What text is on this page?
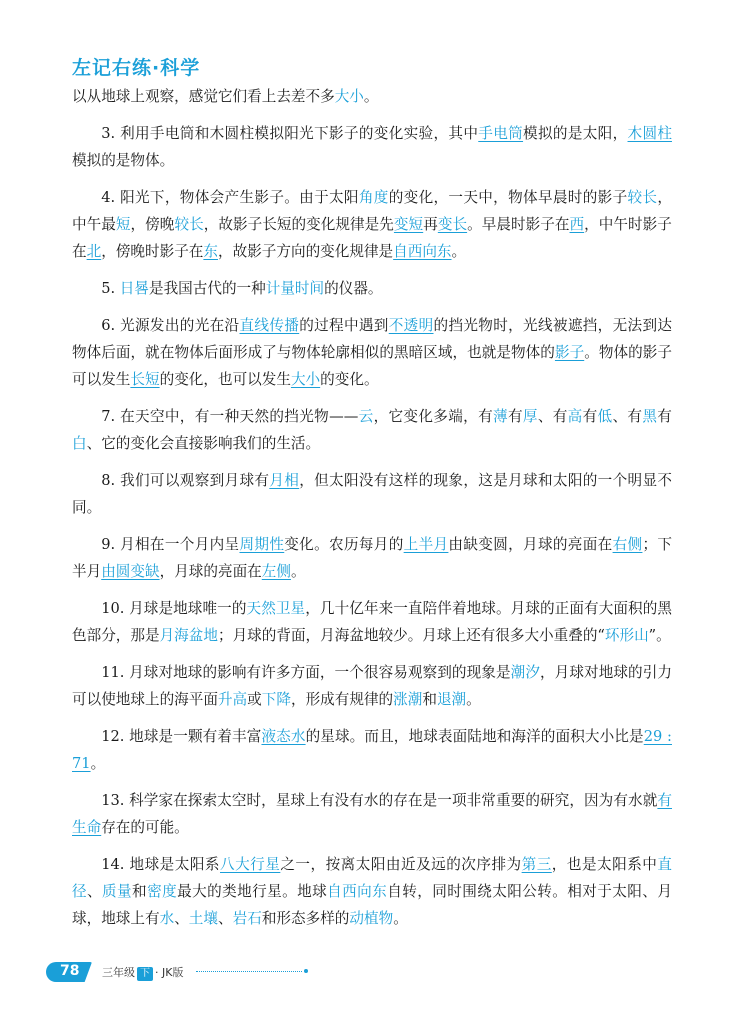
左记右练·科学

以从地球上观察，感觉它们看上去差不多大小。

3. 利用手电筒和木圆柱模拟阳光下影子的变化实验，其中手电筒模拟的是太阳，木圆柱模拟的是物体。

4. 阳光下，物体会产生影子。由于太阳角度的变化，一天中，物体早晨时的影子较长，中午最短，傍晚较长，故影子长短的变化规律是先变短再变长。早晨时影子在西，中午时影子在北，傍晚时影子在东，故影子方向的变化规律是自西向东。

5. 日晷是我国古代的一种计量时间的仪器。

6. 光源发出的光在沿直线传播的过程中遇到不透明的挡光物时，光线被遮挡，无法到达物体后面，就在物体后面形成了与物体轮廓相似的黑暗区域，也就是物体的影子。物体的影子可以发生长短的变化，也可以发生大小的变化。

7. 在天空中，有一种天然的挡光物——云，它变化多端，有薄有厚、有高有低、有黑有白、它的变化会直接影响我们的生活。

8. 我们可以观察到月球有月相，但太阳没有这样的现象，这是月球和太阳的一个明显不同。

9. 月相在一个月内呈周期性变化。农历每月的上半月由缺变圆，月球的亮面在右侧；下半月由圆变缺，月球的亮面在左侧。

10. 月球是地球唯一的天然卫星，几十亿年来一直陪伴着地球。月球的正面有大面积的黑色部分，那是月海盆地；月球的背面，月海盆地较少。月球上还有很多大小重叠的“环形山”。

11. 月球对地球的影响有许多方面，一个很容易观察到的现象是潮汐，月球对地球的引力可以使地球上的海平面升高或下降，形成有规律的涨潮和退潮。

12. 地球是一颗有着丰富液态水的星球。而且，地球表面陆地和海洋的面积大小比是29 : 71。

13. 科学家在探索太空时，星球上有没有水的存在是一项非常重要的研究，因为有水就有生命存在的可能。

14. 地球是太阳系八大行星之一，按离太阳由近及远的次序排为第三，也是太阳系中直径、质量和密度最大的类地行星。地球自西向东自转，同时围绕太阳公转。相对于太阳、月球，地球上有水、土壤、岩石和形态多样的动植物。

78 三年级 下 · JK版
